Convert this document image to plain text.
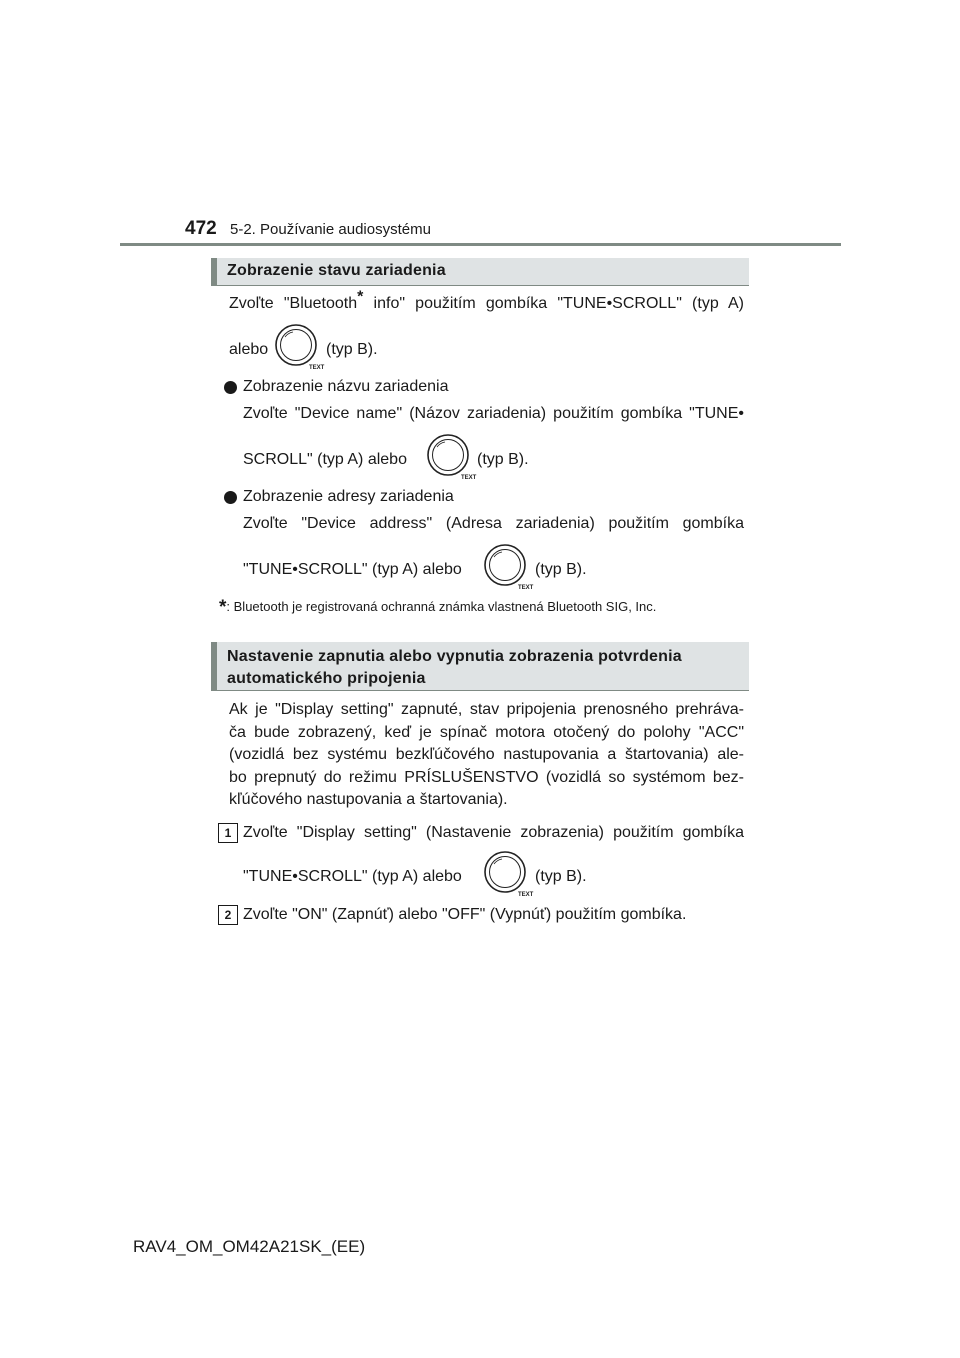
472 5-2. Používanie audiosystému
Zobrazenie stavu zariadenia
Zvoľte "Bluetooth* info" použitím gombíka "TUNE•SCROLL" (typ A)
alebo
TEXT
(typ B).
Zobrazenie názvu zariadenia
Zvoľte "Device name" (Názov zariadenia) použitím gombíka "TUNE•
SCROLL" (typ A) alebo
TEXT
(typ B).
Zobrazenie adresy zariadenia
Zvoľte "Device address" (Adresa zariadenia) použitím gombíka
"TUNE•SCROLL" (typ A) alebo
TEXT
(typ B).
*: Bluetooth je registrovaná ochranná známka vlastnená Bluetooth SIG, Inc.
Nastavenie zapnutia alebo vypnutia zobrazenia potvrdenia
automatického pripojenia
Ak je "Display setting" zapnuté, stav pripojenia prenosného prehráva-
ča bude zobrazený, keď je spínač motora otočený do polohy "ACC"
(vozidlá bez systému bezkľúčového nastupovania a štartovania) ale-
bo prepnutý do režimu PRÍSLUŠENSTVO (vozidlá so systémom bez-
kľúčového nastupovania a štartovania).
1 Zvoľte "Display setting" (Nastavenie zobrazenia) použitím gombíka
"TUNE•SCROLL" (typ A) alebo
TEXT
(typ B).
2 Zvoľte "ON" (Zapnúť) alebo "OFF" (Vypnúť) použitím gombíka.
RAV4_OM_OM42A21SK_(EE)
